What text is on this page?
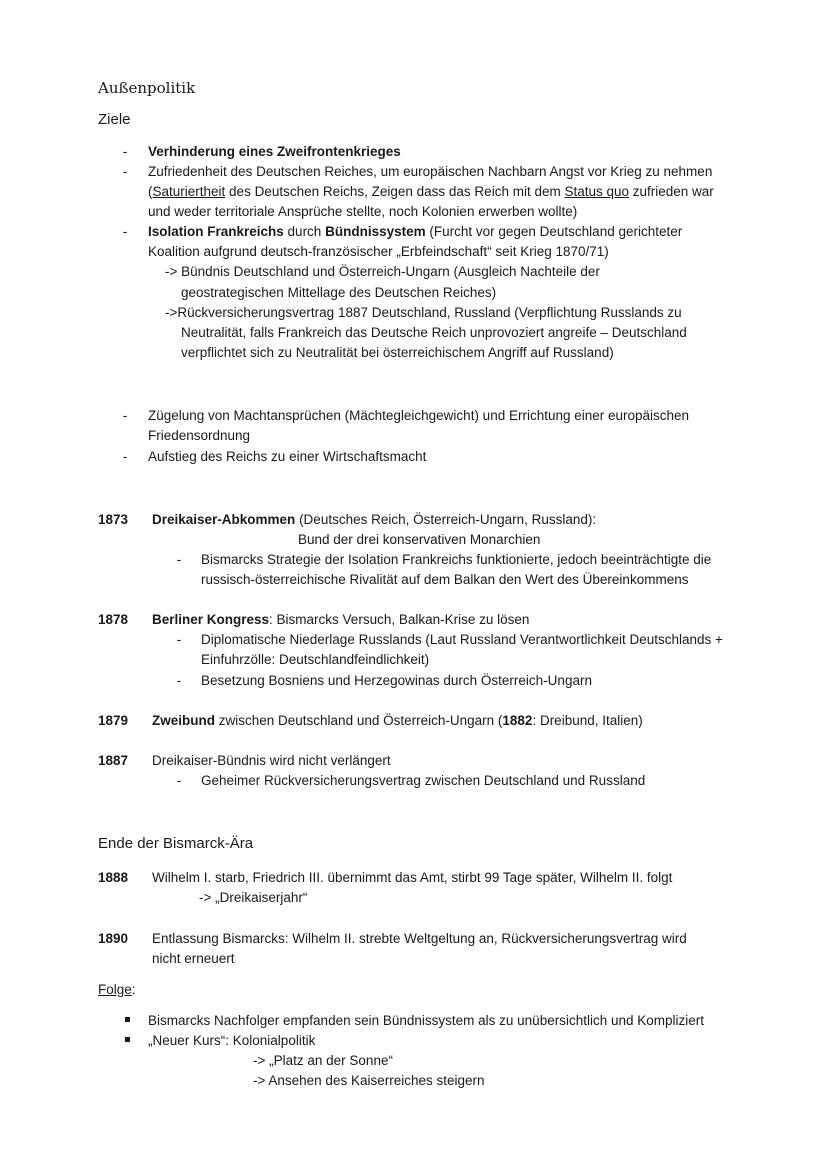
Außenpolitik
Ziele
-	Verhinderung eines Zweifrontenkrieges
-	Zufriedenheit des Deutschen Reiches, um europäischen Nachbarn Angst vor Krieg zu nehmen
(Saturiertheit des Deutschen Reichs, Zeigen dass das Reich mit dem Status quo zufrieden war
und weder territoriale Ansprüche stellte, noch Kolonien erwerben wollte)
-	Isolation Frankreichs durch Bündnissystem (Furcht vor gegen Deutschland gerichteter
Koalition aufgrund deutsch-französischer „Erbfeindschaft“ seit Krieg 1870/71)
-> Bündnis Deutschland und Österreich-Ungarn (Ausgleich Nachteile der
geostrategischen Mittellage des Deutschen Reiches)
->Rückversicherungsvertrag 1887 Deutschland, Russland (Verpflichtung Russlands zu
Neutralität, falls Frankreich das Deutsche Reich unprovoziert angreife – Deutschland
verpflichtet sich zu Neutralität bei österreichischem Angriff auf Russland)
-	Zügelung von Machtansprüchen (Mächtegleichgewicht) und Errichtung einer europäischen
Friedensordnung
-	Aufstieg des Reichs zu einer Wirtschaftsmacht
1873 Dreikaiser-Abkommen (Deutsches Reich, Österreich-Ungarn, Russland):
Bund der drei konservativen Monarchien
-	Bismarcks Strategie der Isolation Frankreichs funktionierte, jedoch beeinträchtigte die
russisch-österreichische Rivalität auf dem Balkan den Wert des Übereinkommens
1878 Berliner Kongress: Bismarcks Versuch, Balkan-Krise zu lösen
-	Diplomatische Niederlage Russlands (Laut Russland Verantwortlichkeit Deutschlands +
Einfuhrzölle: Deutschlandfeindlichkeit)
-	Besetzung Bosniens und Herzegowinas durch Österreich-Ungarn
1879 Zweibund zwischen Deutschland und Österreich-Ungarn (1882: Dreibund, Italien)
1887 Dreikaiser-Bündnis wird nicht verlängert
-	Geheimer Rückversicherungsvertrag zwischen Deutschland und Russland
Ende der Bismarck-Ära
1888 Wilhelm I. starb, Friedrich III. übernimmt das Amt, stirbt 99 Tage später, Wilhelm II. folgt
-> „Dreikaiserjahr“
1890 Entlassung Bismarcks: Wilhelm II. strebte Weltgeltung an, Rückversicherungsvertrag wird
nicht erneuert
Folge:
Bismarcks Nachfolger empfanden sein Bündnissystem als zu unübersichtlich und Kompliziert
„Neuer Kurs“: Kolonialpolitik
-> „Platz an der Sonne“
-> Ansehen des Kaiserreiches steigern
